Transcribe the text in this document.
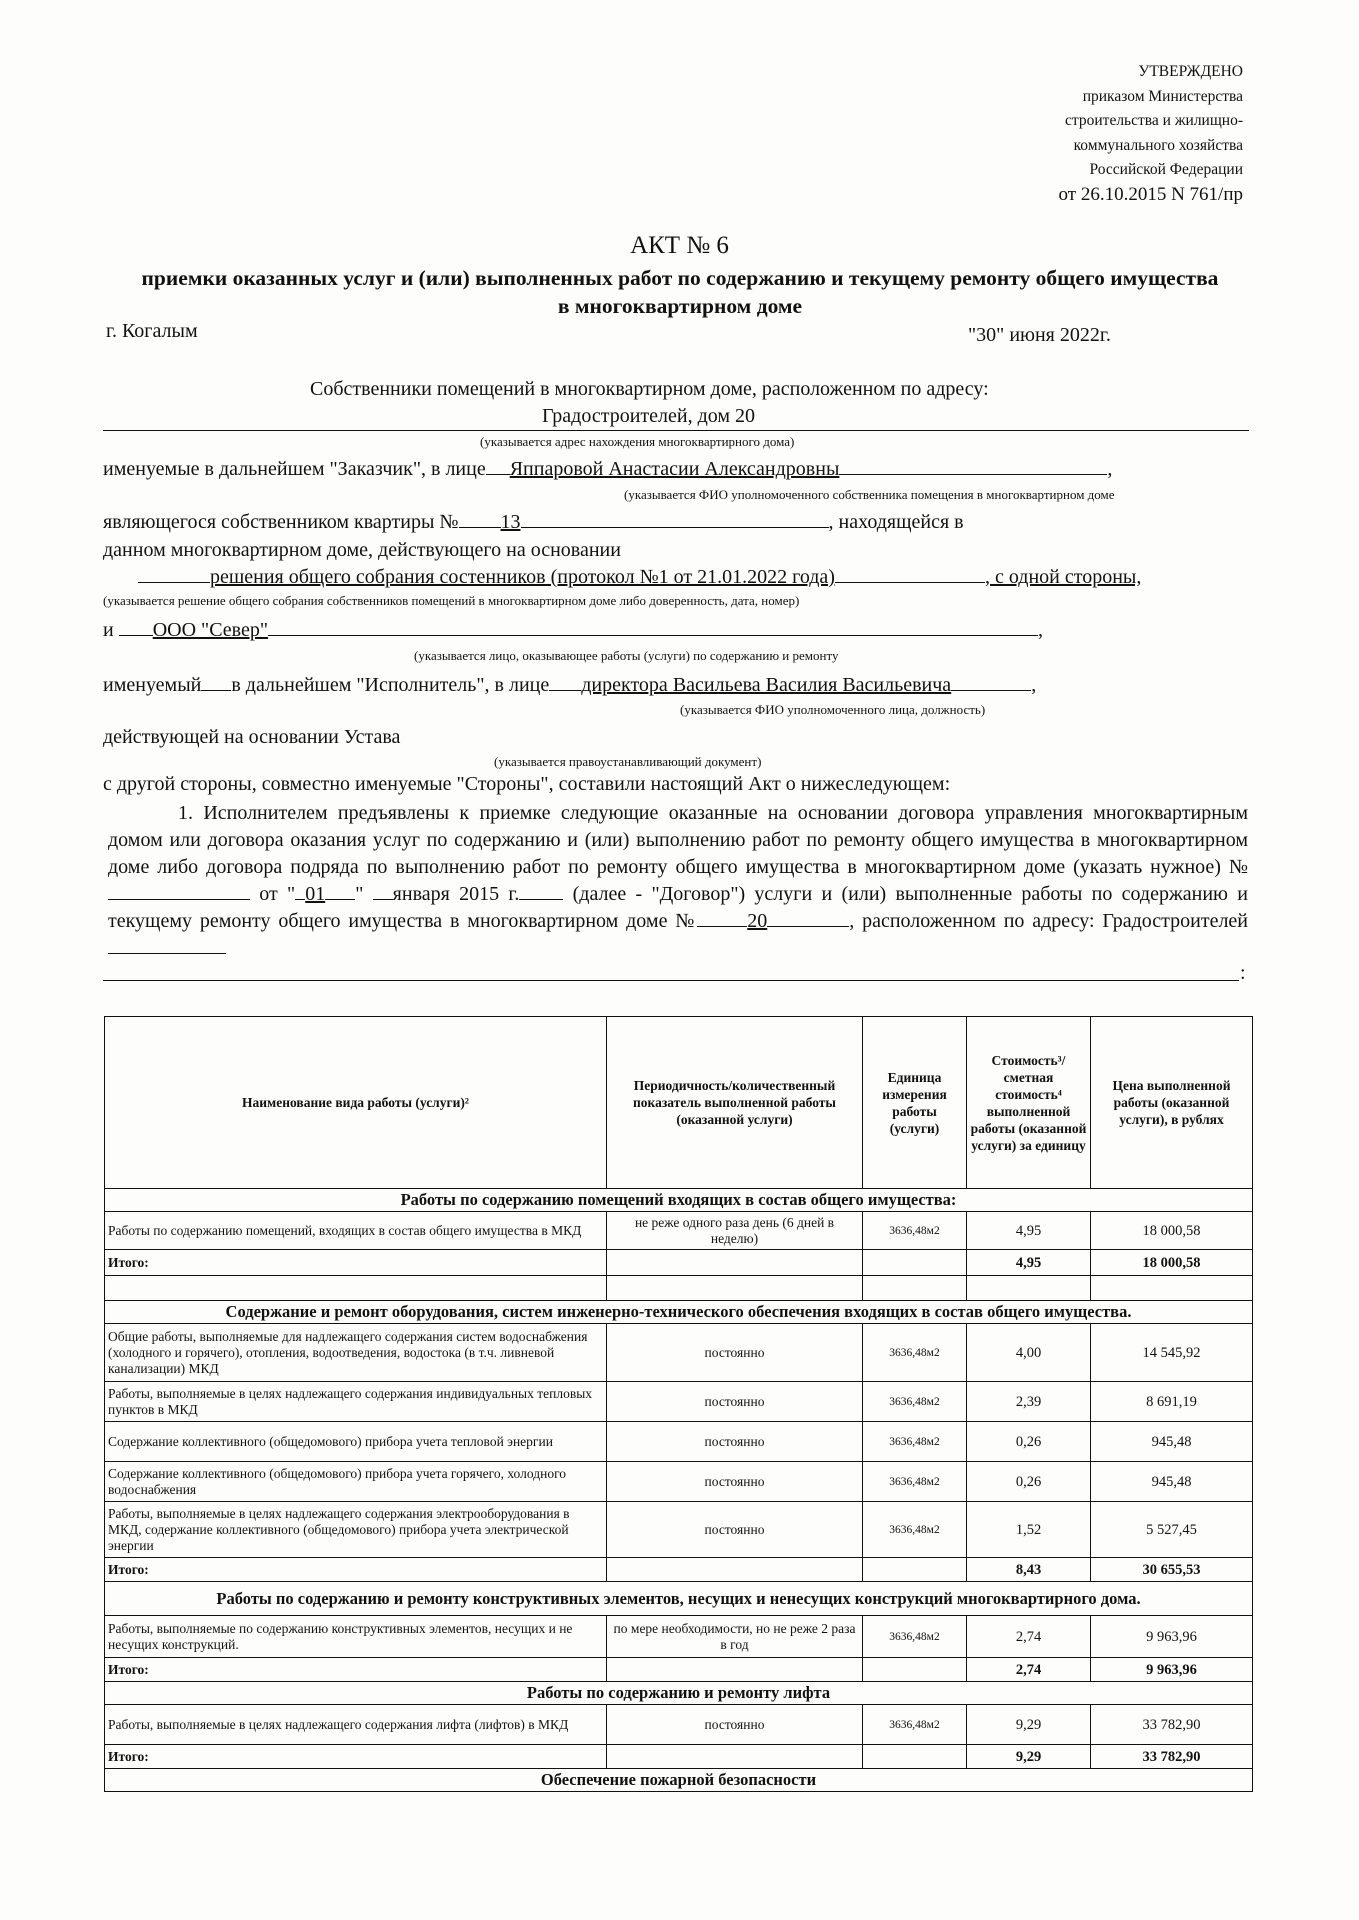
УТВЕРЖДЕНО
приказом Министерства
строительства и жилищно-
коммунального хозяйства
Российской Федерации
от 26.10.2015 N 761/пр
АКТ № 6
приемки оказанных услуг и (или) выполненных работ по содержанию и текущему ремонту общего имущества в многоквартирном доме
г. Когалым	"30" июня 2022г.
Собственники помещений в многоквартирном доме, расположенном по адресу:
Градостроителей, дом 20
(указывается адрес нахождения многоквартирного дома)
именуемые в дальнейшем "Заказчик", в лице Яппаровой Анастасии Александровны	,
(указывается ФИО уполномоченного собственника помещения в многоквартирном доме
являющегося собственником квартиры № 13	, находящейся в
данном многоквартирном доме, действующего на основании
решения общего собрания состенников (протокол №1 от 21.01.2022 года)	, с одной стороны,
(указывается решение общего собрания собственников помещений в многоквартирном доме либо доверенность, дата, номер)
и ООО "Север"	,
(указывается лицо, оказывающее работы (услуги) по содержанию и ремонту
именуемый в дальнейшем "Исполнитель", в лице директора Васильева Василия Васильевича	,
(указывается ФИО уполномоченного лица, должность)
действующей на основании Устава
(указывается правоустанавливающий документ)
с другой стороны, совместно именуемые "Стороны", составили настоящий Акт о нижеследующем:
1. Исполнителем предъявлены к приемке следующие оказанные на основании договора управления многоквартирным домом или договора оказания услуг по содержанию и (или) выполнению работ по ремонту общего имущества в многоквартирном доме либо договора подряда по выполнению работ по ремонту общего имущества в многоквартирном доме (указать нужное) № от " 01 " января 2015 г. (далее - "Договор") услуги и (или) выполненные работы по содержанию и текущему ремонту общего имущества в многоквартирном доме №	20	, расположенном по адресу: Градостроителей
:
Наименование вида работы (услуги)²	Периодичность/количественный показатель выполненной работы (оказанной услуги)	Единица измерения работы (услуги)	Стоимость³/сметная стоимость⁴ выполненной работы (оказанной услуги) за единицу	Цена выполненной работы (оказанной услуги), в рублях
Работы по содержанию помещений входящих в состав общего имущества:				
Работы по содержанию помещений, входящих в состав общего имущества в МКД	не реже одного раза день (6 дней в неделю)	3636,48м2	4,95	18 000,58
Итого:			4,95	18 000,58

Содержание и ремонт оборудования, систем инженерно-технического обеспечения входящих в состав общего имущества.				
Общие работы, выполняемые для надлежащего содержания систем водоснабжения (холодного и горячего), отопления, водоотведения, водостока (в т.ч. ливневой канализации) МКД	постоянно	3636,48м2	4,00	14 545,92
Работы, выполняемые в целях надлежащего содержания индивидуальных тепловых пунктов в МКД	постоянно	3636,48м2	2,39	8 691,19
Содержание коллективного (общедомового) прибора учета тепловой энергии	постоянно	3636,48м2	0,26	945,48
Содержание коллективного (общедомового) прибора учета горячего, холодного водоснабжения	постоянно	3636,48м2	0,26	945,48
Работы, выполняемые в целях надлежащего содержания электрооборудования в МКД, содержание коллективного (общедомового) прибора учета электрической энергии	постоянно	3636,48м2	1,52	5 527,45
Итого:			8,43	30 655,53
Работы по содержанию и ремонту конструктивных элементов, несущих и ненесущих конструкций многоквартирного дома.				
Работы, выполняемые по содержанию конструктивных элементов, несущих и не несущих конструкций.	по мере необходимости, но не реже 2 раза в год	3636,48м2	2,74	9 963,96
Итого:			2,74	9 963,96
Работы по содержанию и ремонту лифта				
Работы, выполняемые в целях надлежащего содержания лифта (лифтов) в МКД	постоянно	3636,48м2	9,29	33 782,90
Итого:			9,29	33 782,90
Обеспечение пожарной безопасности				
